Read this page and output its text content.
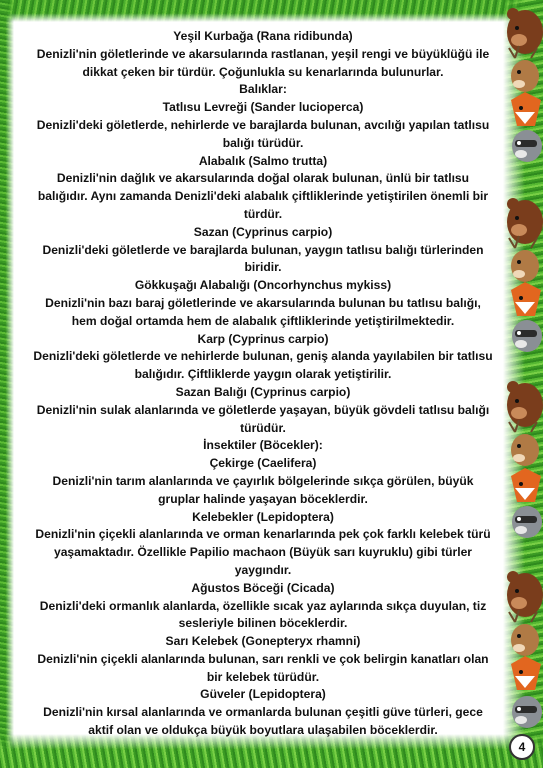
Yeşil Kurbağa (Rana ridibunda)
Denizli'nin göletlerinde ve akarsularında rastlanan, yeşil rengi ve büyüklüğü ile
dikkat çeken bir türdür. Çoğunlukla su kenarlarında bulunurlar.
Balıklar:
Tatlısu Levreği (Sander lucioperca)
Denizli'deki göletlerde, nehirlerde ve barajlarda bulunan, avcılığı yapılan tatlısu
balığı türüdür.
Alabalık (Salmo trutta)
Denizli'nin dağlık ve akarsularında doğal olarak bulunan, ünlü bir tatlısu
balığıdır. Aynı zamanda Denizli'deki alabalık çiftliklerinde yetiştirilen önemli bir
türdür.
Sazan (Cyprinus carpio)
Denizli'deki göletlerde ve barajlarda bulunan, yaygın tatlısu balığı türlerinden
biridir.
Gökkuşağı Alabalığı (Oncorhynchus mykiss)
Denizli'nin bazı baraj göletlerinde ve akarsularında bulunan bu tatlısu balığı,
hem doğal ortamda hem de alabalık çiftliklerinde yetiştirilmektedir.
Karp (Cyprinus carpio)
Denizli'deki göletlerde ve nehirlerde bulunan, geniş alanda yayılabilen bir tatlısu
balığıdır. Çiftliklerde yaygın olarak yetiştirilir.
Sazan Balığı (Cyprinus carpio)
Denizli'nin sulak alanlarında ve göletlerde yaşayan, büyük gövdeli tatlısu balığı
türüdür.
İnsektiler (Böcekler):
Çekirge (Caelifera)
Denizli'nin tarım alanlarında ve çayırlık bölgelerinde sıkça görülen, büyük
gruplar halinde yaşayan böceklerdir.
Kelebekler (Lepidoptera)
Denizli'nin çiçekli alanlarında ve orman kenarlarında pek çok farklı kelebek türü
yaşamaktadır. Özellikle Papilio machaon (Büyük sarı kuyruklu) gibi türler
yaygındır.
Ağustos Böceği (Cicada)
Denizli'deki ormanlık alanlarda, özellikle sıcak yaz aylarında sıkça duyulan, tiz
sesleriyle bilinen böceklerdir.
Sarı Kelebek (Gonepteryx rhamni)
Denizli'nin çiçekli alanlarında bulunan, sarı renkli ve çok belirgin kanatları olan
bir kelebek türüdür.
Güveler (Lepidoptera)
Denizli'nin kırsal alanlarında ve ormanlarda bulunan çeşitli güve türleri, gece
aktif olan ve oldukça büyük boyutlara ulaşabilen böceklerdir.
4
